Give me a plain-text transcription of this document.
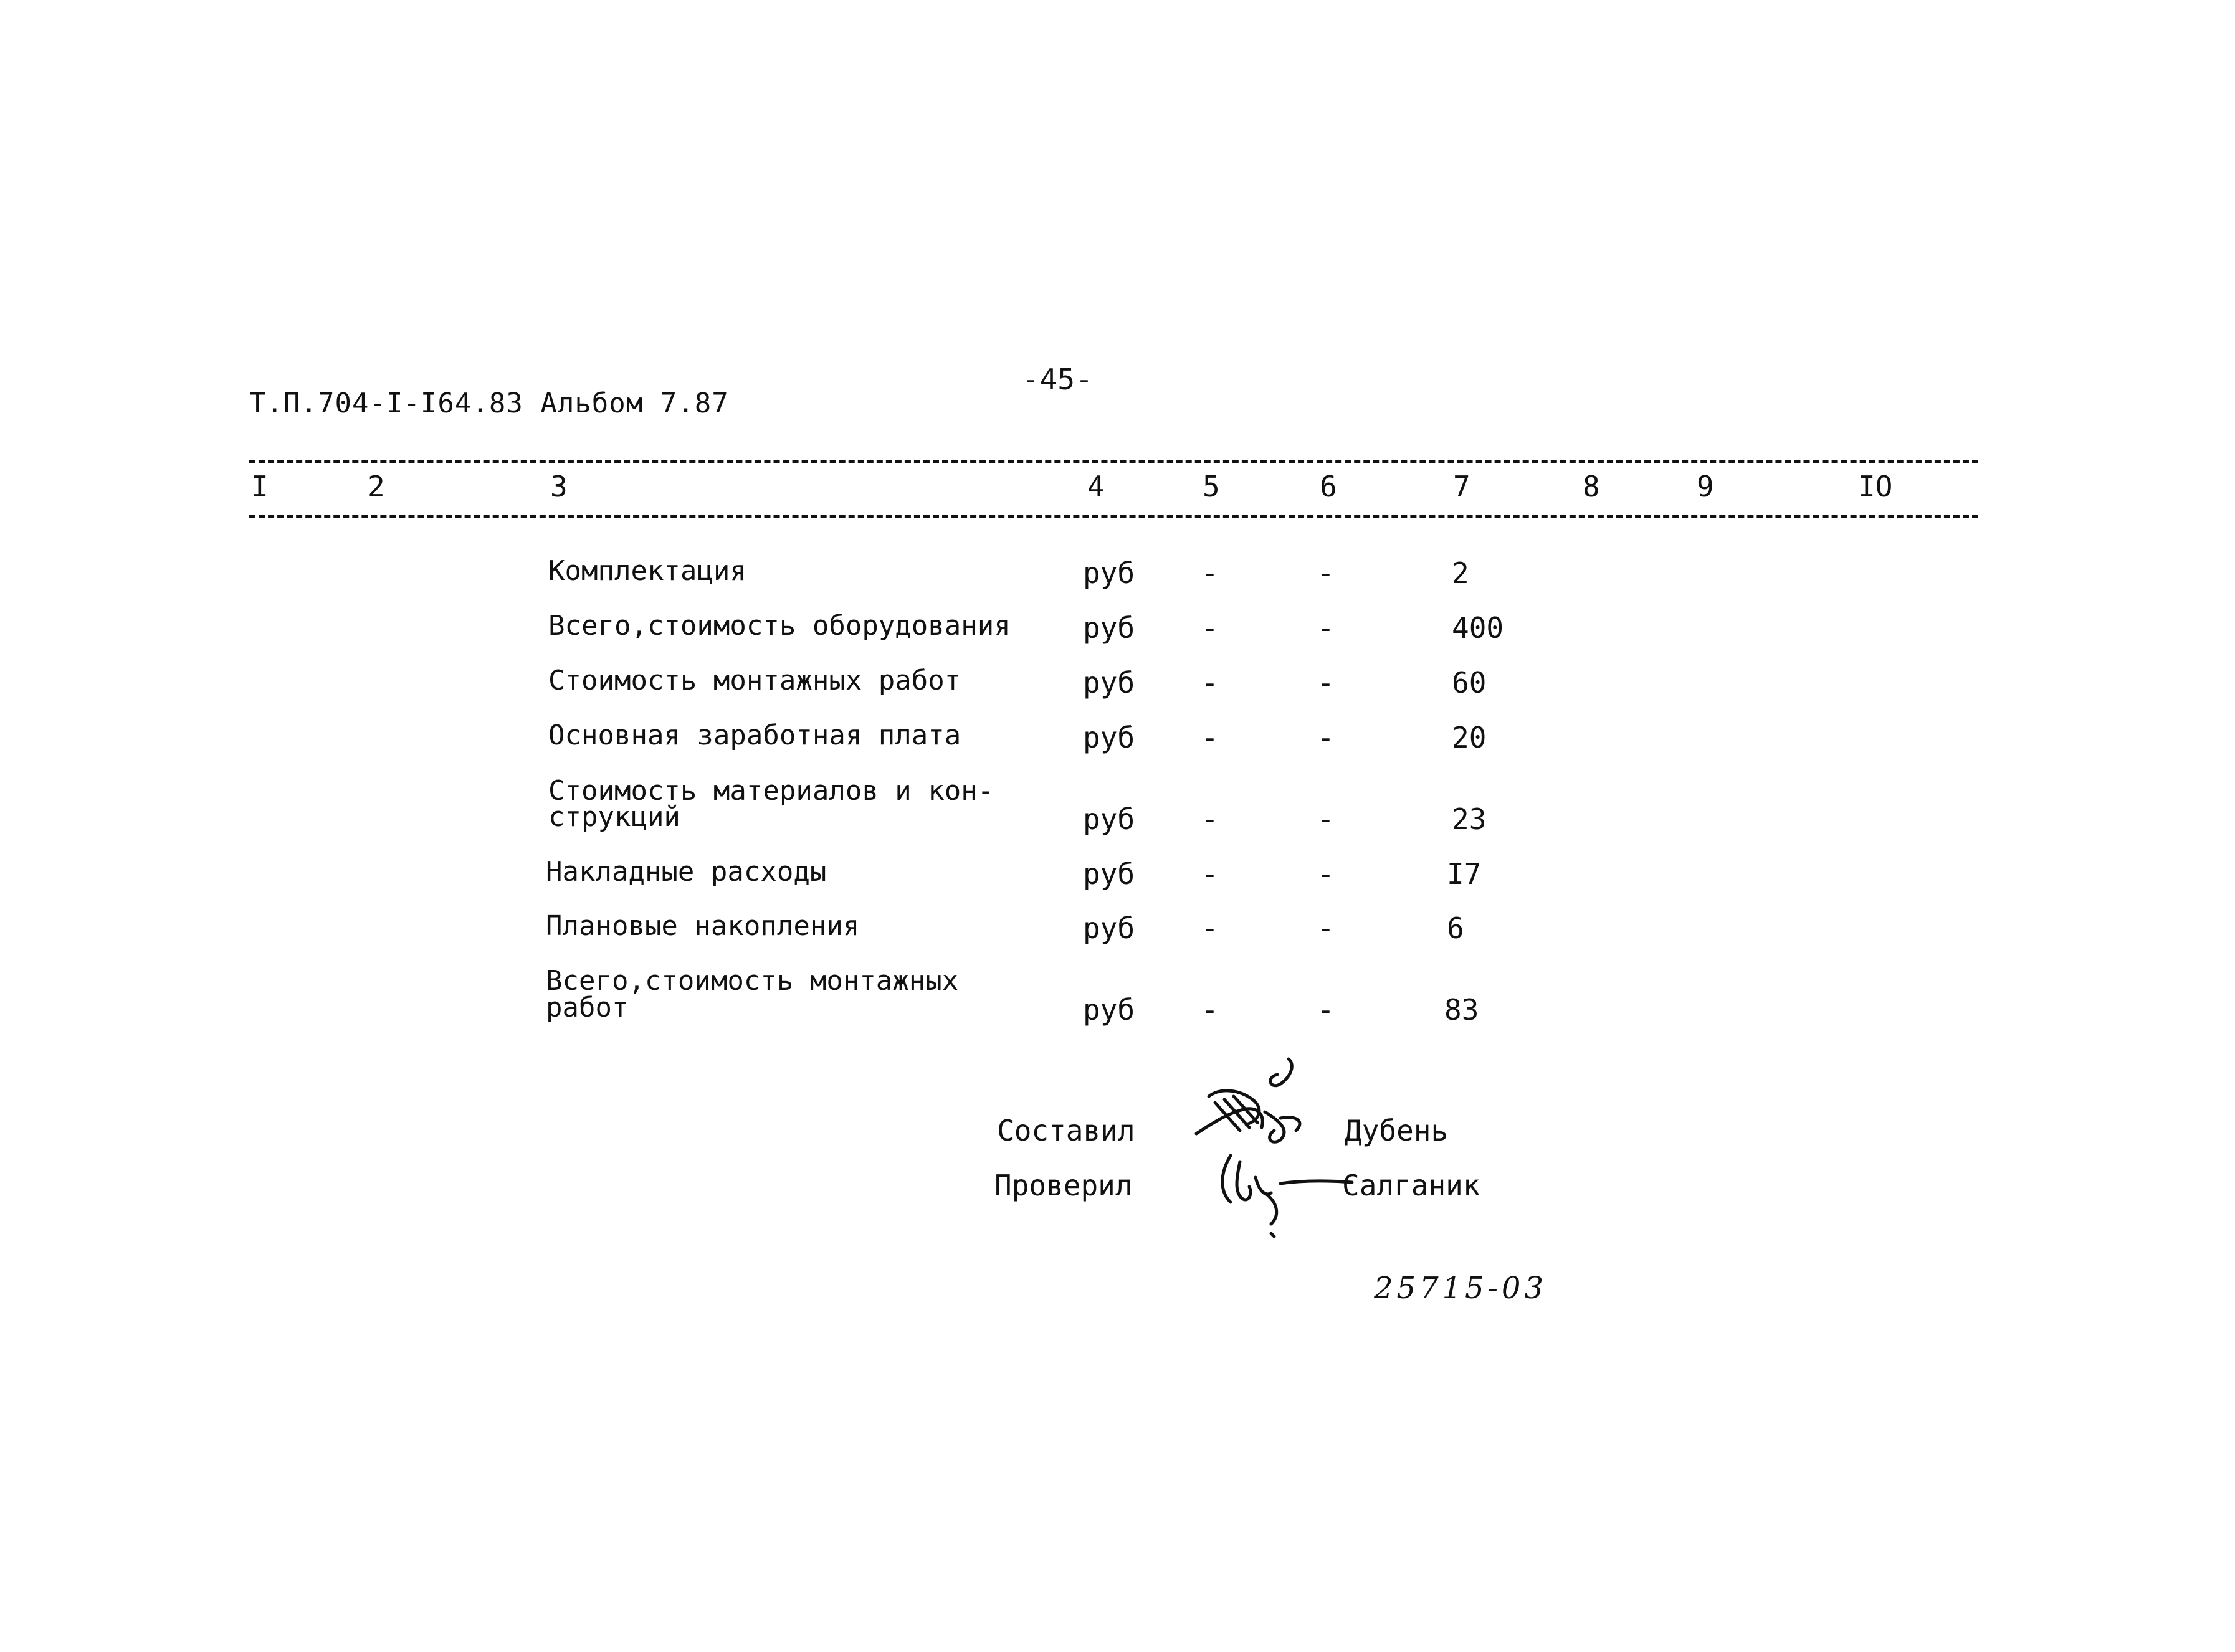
-45-
Т.П.704-I-I64.83 Альбом 7.87
I	2	3	4	5	6	7	8	9	IO
Комплектация	руб -	-	2
Всего,стоимость оборудования	руб -	-	400
Стоимость монтажных работ	руб -	-	60
Основная заработная плата	руб -	-	20
Стоимость материалов и кон-
струкций	руб -	-	23
Накладные расходы	руб -	-	I7
Плановые накопления	руб -	-	6
Всего,стоимость монтажных
работ	руб -	-	83
Составил	Дубень
Проверил	Салганик
25715-03
